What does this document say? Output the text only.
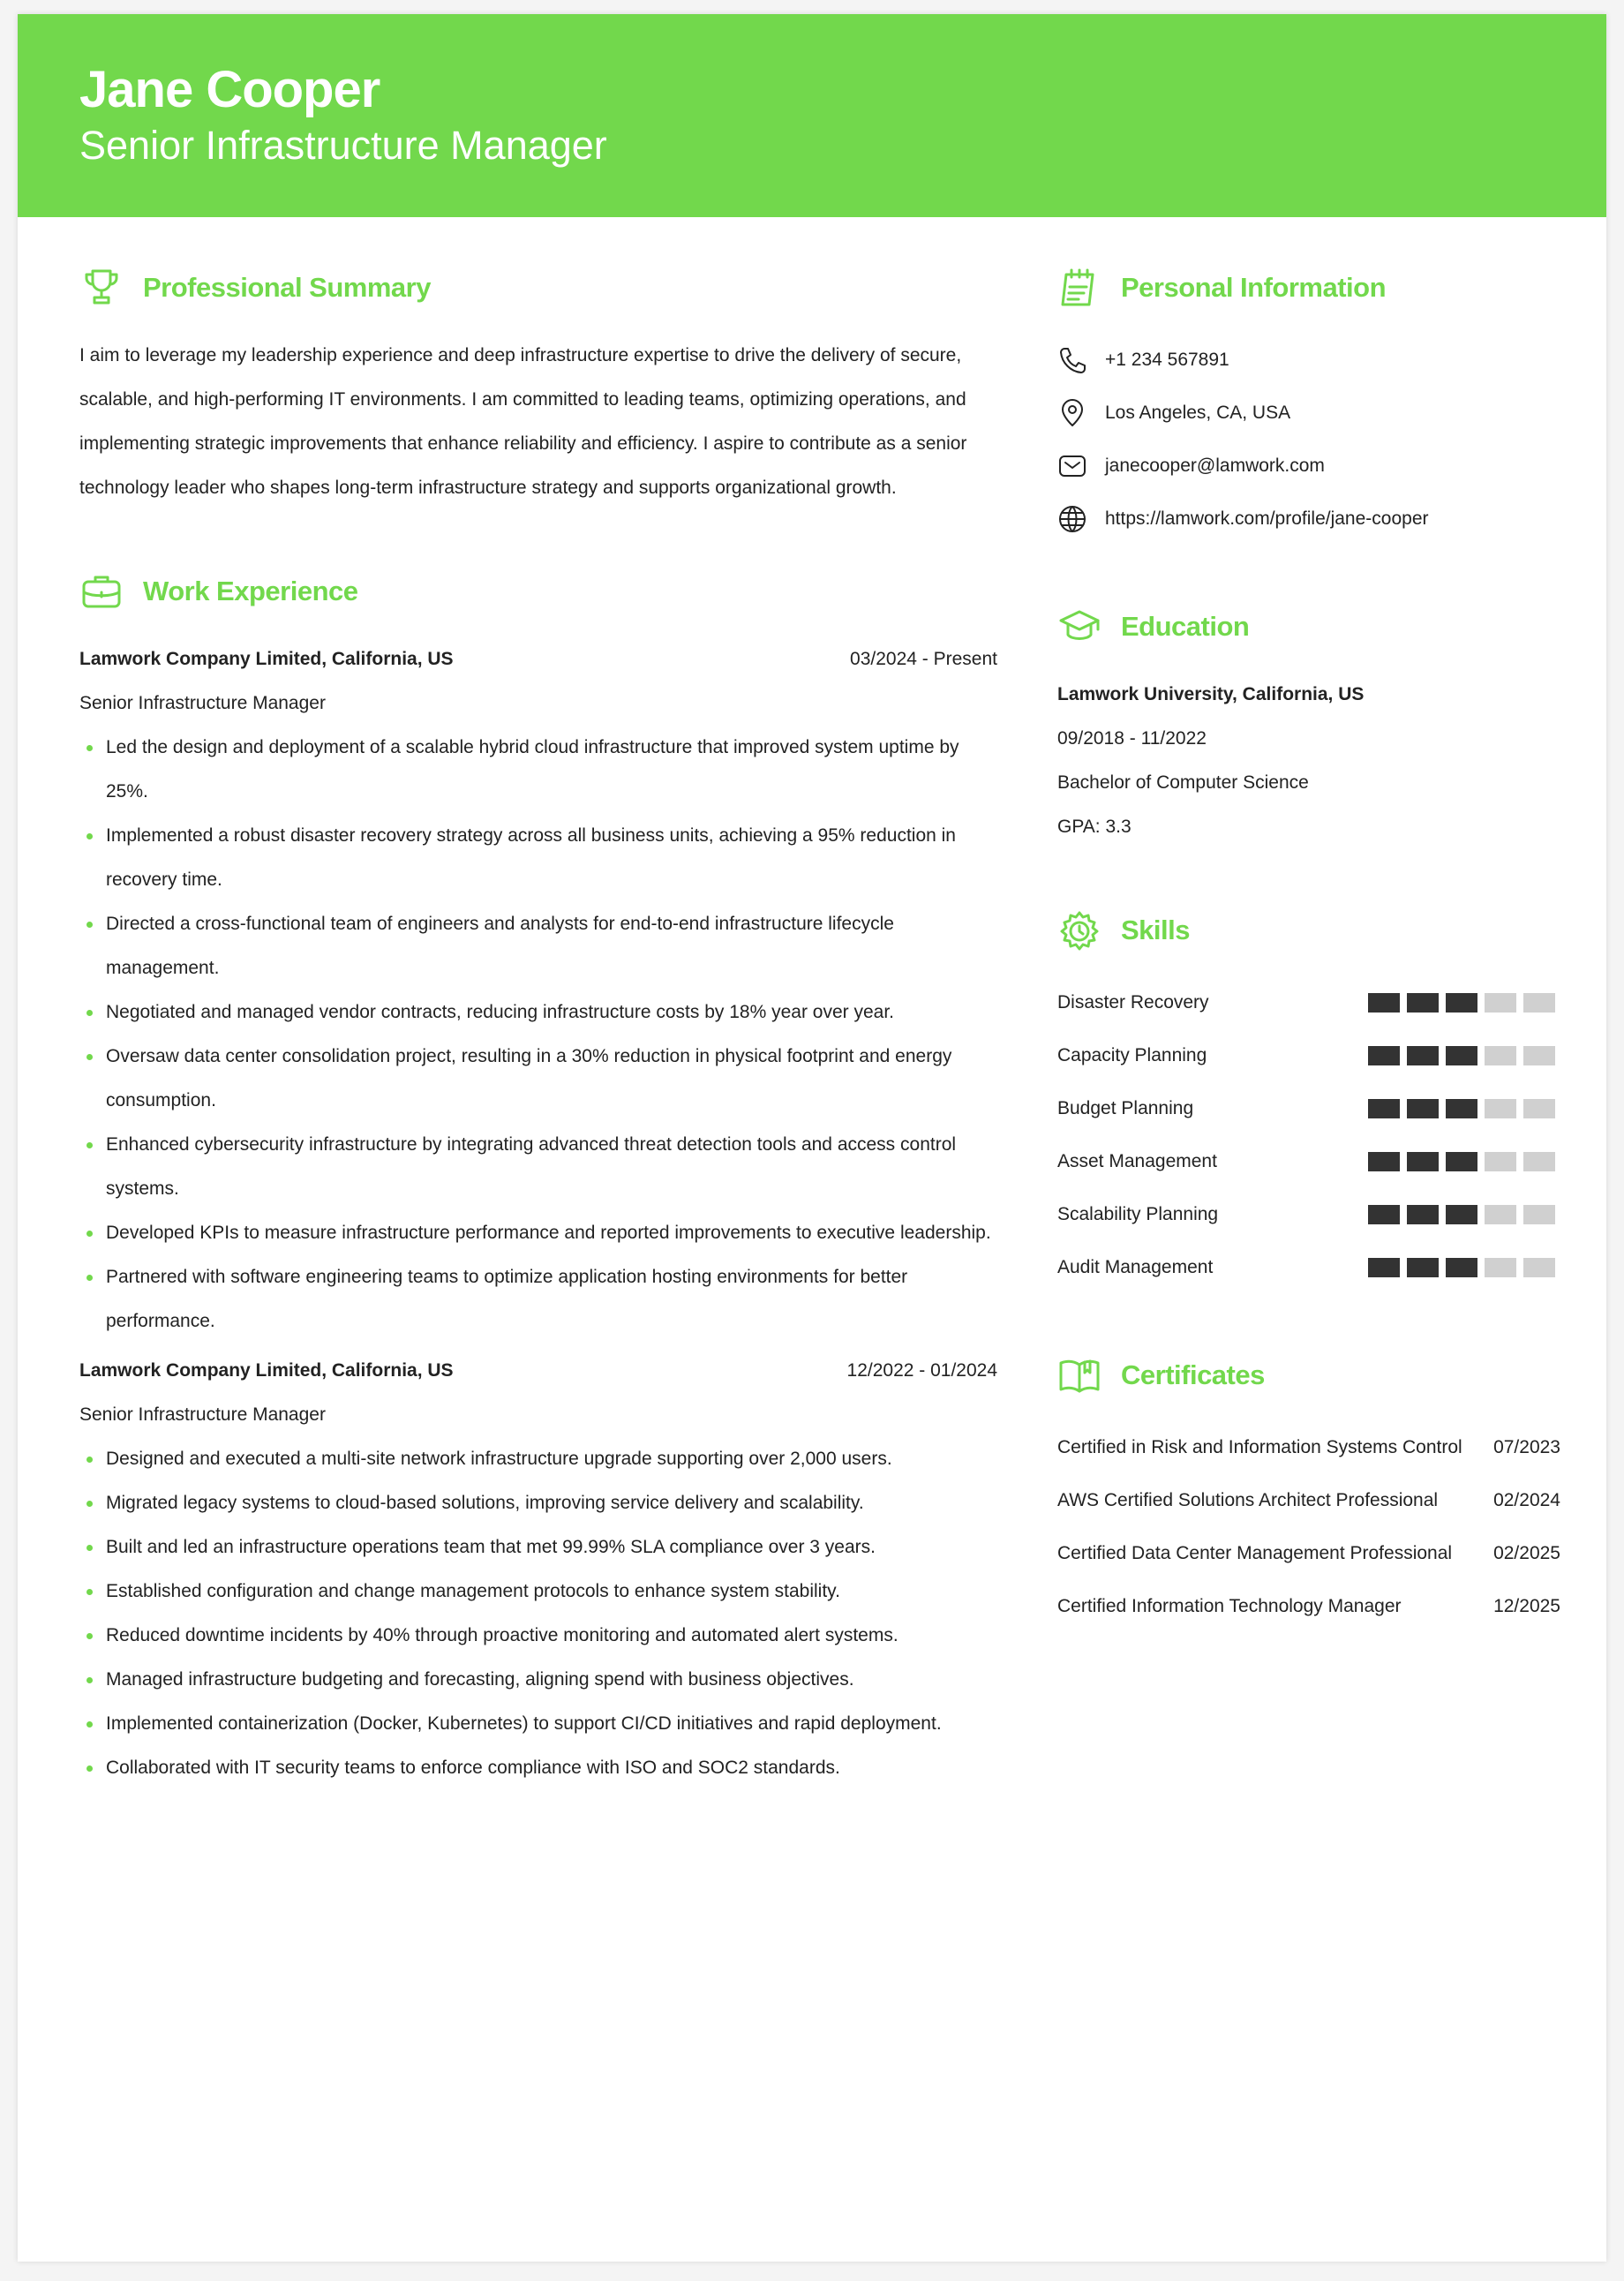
Jane Cooper
Senior Infrastructure Manager
Professional Summary
I aim to leverage my leadership experience and deep infrastructure expertise to drive the delivery of secure, scalable, and high-performing IT environments. I am committed to leading teams, optimizing operations, and implementing strategic improvements that enhance reliability and efficiency. I aspire to contribute as a senior technology leader who shapes long-term infrastructure strategy and supports organizational growth.
Work Experience
Lamwork Company Limited, California, US	03/2024 - Present
Senior Infrastructure Manager
Led the design and deployment of a scalable hybrid cloud infrastructure that improved system uptime by 25%.
Implemented a robust disaster recovery strategy across all business units, achieving a 95% reduction in recovery time.
Directed a cross-functional team of engineers and analysts for end-to-end infrastructure lifecycle management.
Negotiated and managed vendor contracts, reducing infrastructure costs by 18% year over year.
Oversaw data center consolidation project, resulting in a 30% reduction in physical footprint and energy consumption.
Enhanced cybersecurity infrastructure by integrating advanced threat detection tools and access control systems.
Developed KPIs to measure infrastructure performance and reported improvements to executive leadership.
Partnered with software engineering teams to optimize application hosting environments for better performance.
Lamwork Company Limited, California, US	12/2022 - 01/2024
Senior Infrastructure Manager
Designed and executed a multi-site network infrastructure upgrade supporting over 2,000 users.
Migrated legacy systems to cloud-based solutions, improving service delivery and scalability.
Built and led an infrastructure operations team that met 99.99% SLA compliance over 3 years.
Established configuration and change management protocols to enhance system stability.
Reduced downtime incidents by 40% through proactive monitoring and automated alert systems.
Managed infrastructure budgeting and forecasting, aligning spend with business objectives.
Implemented containerization (Docker, Kubernetes) to support CI/CD initiatives and rapid deployment.
Collaborated with IT security teams to enforce compliance with ISO and SOC2 standards.
Personal Information
+1 234 567891
Los Angeles, CA, USA
janecooper@lamwork.com
https://lamwork.com/profile/jane-cooper
Education
Lamwork University, California, US
09/2018 - 11/2022
Bachelor of Computer Science
GPA: 3.3
Skills
Disaster Recovery
Capacity Planning
Budget Planning
Asset Management
Scalability Planning
Audit Management
Certificates
Certified in Risk and Information Systems Control 07/2023
AWS Certified Solutions Architect Professional	02/2024
Certified Data Center Management Professional 02/2025
Certified Information Technology Manager	12/2025
